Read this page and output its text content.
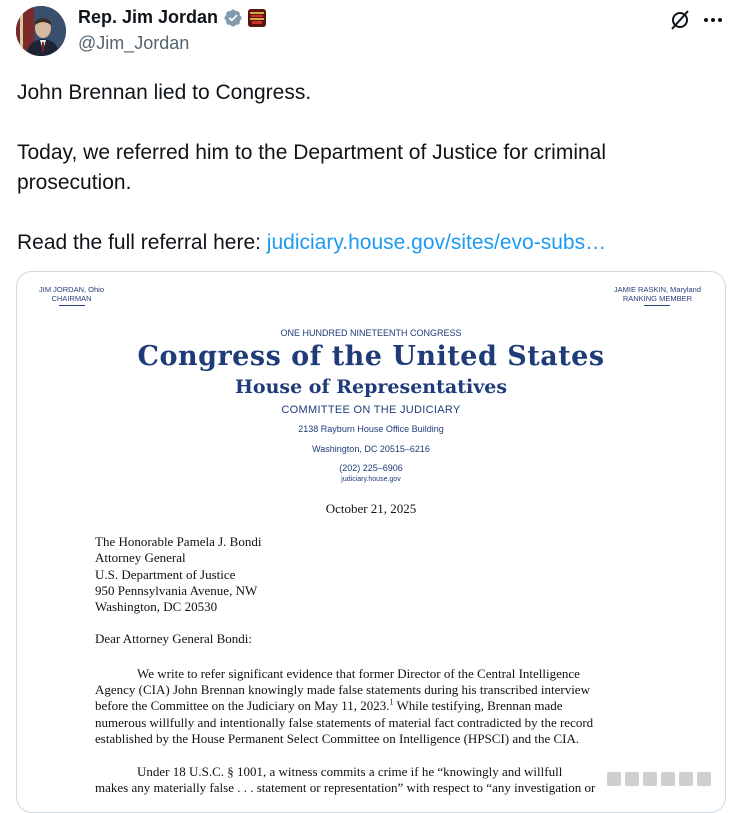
Rep. Jim Jordan
@Jim_Jordan

John Brennan lied to Congress.

Today, we referred him to the Department of Justice for criminal

prosecution.

Read the full referral here: judiciary.house.gov/sites/evo-subs…

JIM JORDAN, Ohio
CHAIRMAN
JAMIE RASKIN, Maryland
RANKING MEMBER
ONE HUNDRED NINETEENTH CONGRESS
Congress of the United States
House of Representatives
COMMITTEE ON THE JUDICIARY
2138 Rayburn House Office Building
Washington, DC 20515–6216
(202) 225–6906
judiciary.house.gov
October 21, 2025
The Honorable Pamela J. Bondi
Attorney General
U.S. Department of Justice
950 Pennsylvania Avenue, NW
Washington, DC 20530
Dear Attorney General Bondi:
We write to refer significant evidence that former Director of the Central Intelligence
Agency (CIA) John Brennan knowingly made false statements during his transcribed interview
before the Committee on the Judiciary on May 11, 2023.$^1$ While testifying, Brennan made
numerous willfully and intentionally false statements of material fact contradicted by the record
established by the House Permanent Select Committee on Intelligence (HPSCI) and the CIA.
Under 18 U.S.C. § 1001, a witness commits a crime if he “knowingly and willfull
makes any materially false . . . statement or representation” with respect to “any investigation or
